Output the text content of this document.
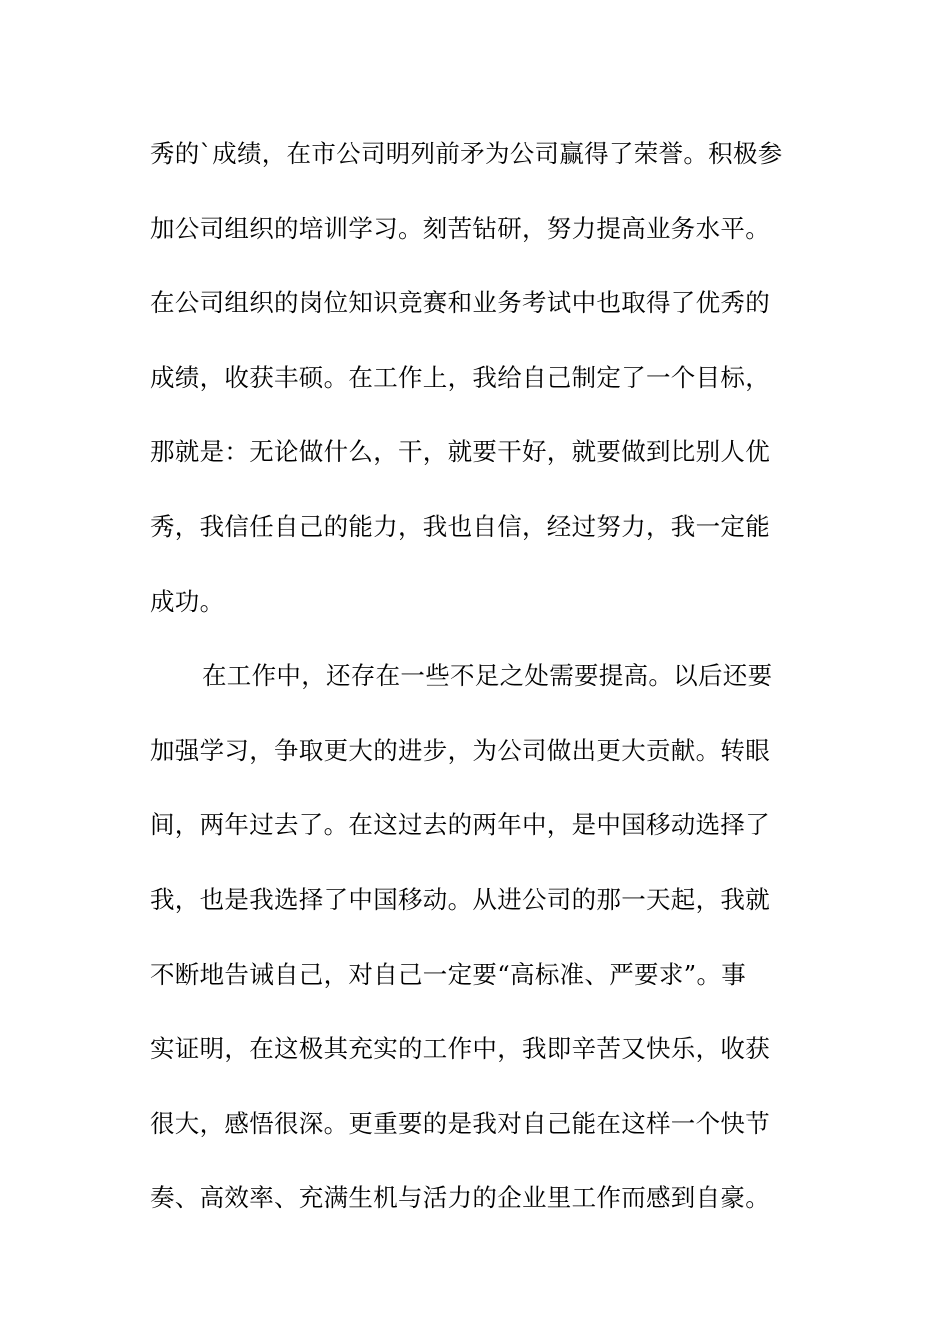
秀的`成绩，在市公司明列前矛为公司赢得了荣誉。积极参
加公司组织的培训学习。刻苦钻研，努力提高业务水平。
在公司组织的岗位知识竞赛和业务考试中也取得了优秀的
成绩，收获丰硕。在工作上，我给自己制定了一个目标，
那就是：无论做什么，干，就要干好，就要做到比别人优
秀，我信任自己的能力，我也自信，经过努力，我一定能
成功。
在工作中，还存在一些不足之处需要提高。以后还要
加强学习，争取更大的进步，为公司做出更大贡献。转眼
间，两年过去了。在这过去的两年中，是中国移动选择了
我，也是我选择了中国移动。从进公司的那一天起，我就
不断地告诫自己，对自己一定要“高标准、严要求”。事
实证明，在这极其充实的工作中，我即辛苦又快乐，收获
很大，感悟很深。更重要的是我对自己能在这样一个快节
奏、高效率、充满生机与活力的企业里工作而感到自豪。
